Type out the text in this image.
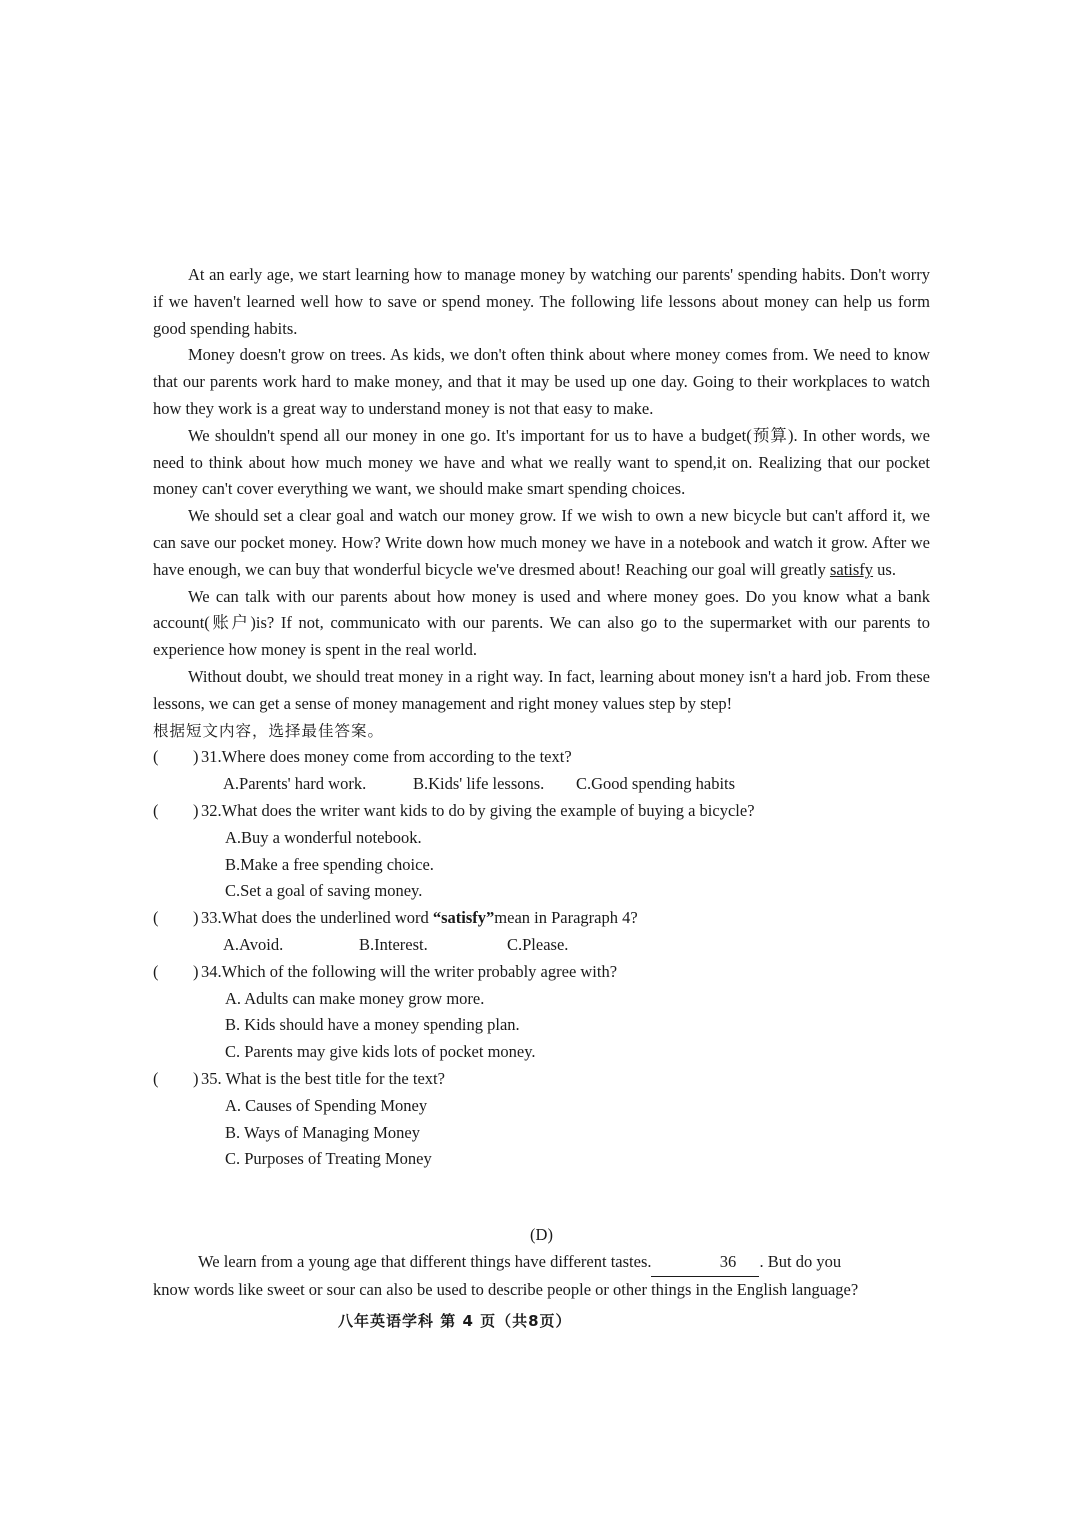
At an early age, we start learning how to manage money by watching our parents' spending habits. Don't worry if we haven't learned well how to save or spend money. The following life lessons about money can help us form good spending habits.

Money doesn't grow on trees. As kids, we don't often think about where money comes from. We need to know that our parents work hard to make money, and that it may be used up one day. Going to their workplaces to watch how they work is a great way to understand money is not that easy to make.

We shouldn't spend all our money in one go. It's important for us to have a budget(预算). In other words, we need to think about how much money we have and what we really want to spend,it on. Realizing that our pocket money can't cover everything we want, we should make smart spending choices.

We should set a clear goal and watch our money grow. If we wish to own a new bicycle but can't afford it, we can save our pocket money. How? Write down how much money we have in a notebook and watch it grow. After we have enough, we can buy that wonderful bicycle we've dresmed about! Reaching our goal will greatly satisfy us.

We can talk with our parents about how money is used and where money goes. Do you know what a bank account(账户)is? If not, communicato with our parents. We can also go to the supermarket with our parents to experience how money is spent in the real world.

Without doubt, we should treat money in a right way. In fact, learning about money isn't a hard job. From these lessons, we can get a sense of money management and right money values step by step!

根据短文内容，选择最佳答案。

( ) 31.Where does money come from according to the text?

A.Parents' hard work.	B.Kids' life lessons. C.Good spending habits

( ) 32.What does the writer want kids to do by giving the example of buying a bicycle?

A.Buy a wonderful notebook.

B.Make a free spending choice.

C.Set a goal of saving money.

( ) 33.What does the underlined word “satisfy”mean in Paragraph 4?

A.Avoid.	B.Interest.	C.Please.

( ) 34.Which of the following will the writer probably agree with?

A. Adults can make money grow more.

B. Kids should have a money spending plan.

C. Parents may give kids lots of pocket money.

( ) 35. What is the best title for the text?

A. Causes of Spending Money

B. Ways of Managing Money

C. Purposes of Treating Money

(D)

We learn from a young age that different things have different tastes.	36 . But do you
know words like sweet or sour can also be used to describe people or other things in the English language?

八年英语学科 第 4 页（共8页）
